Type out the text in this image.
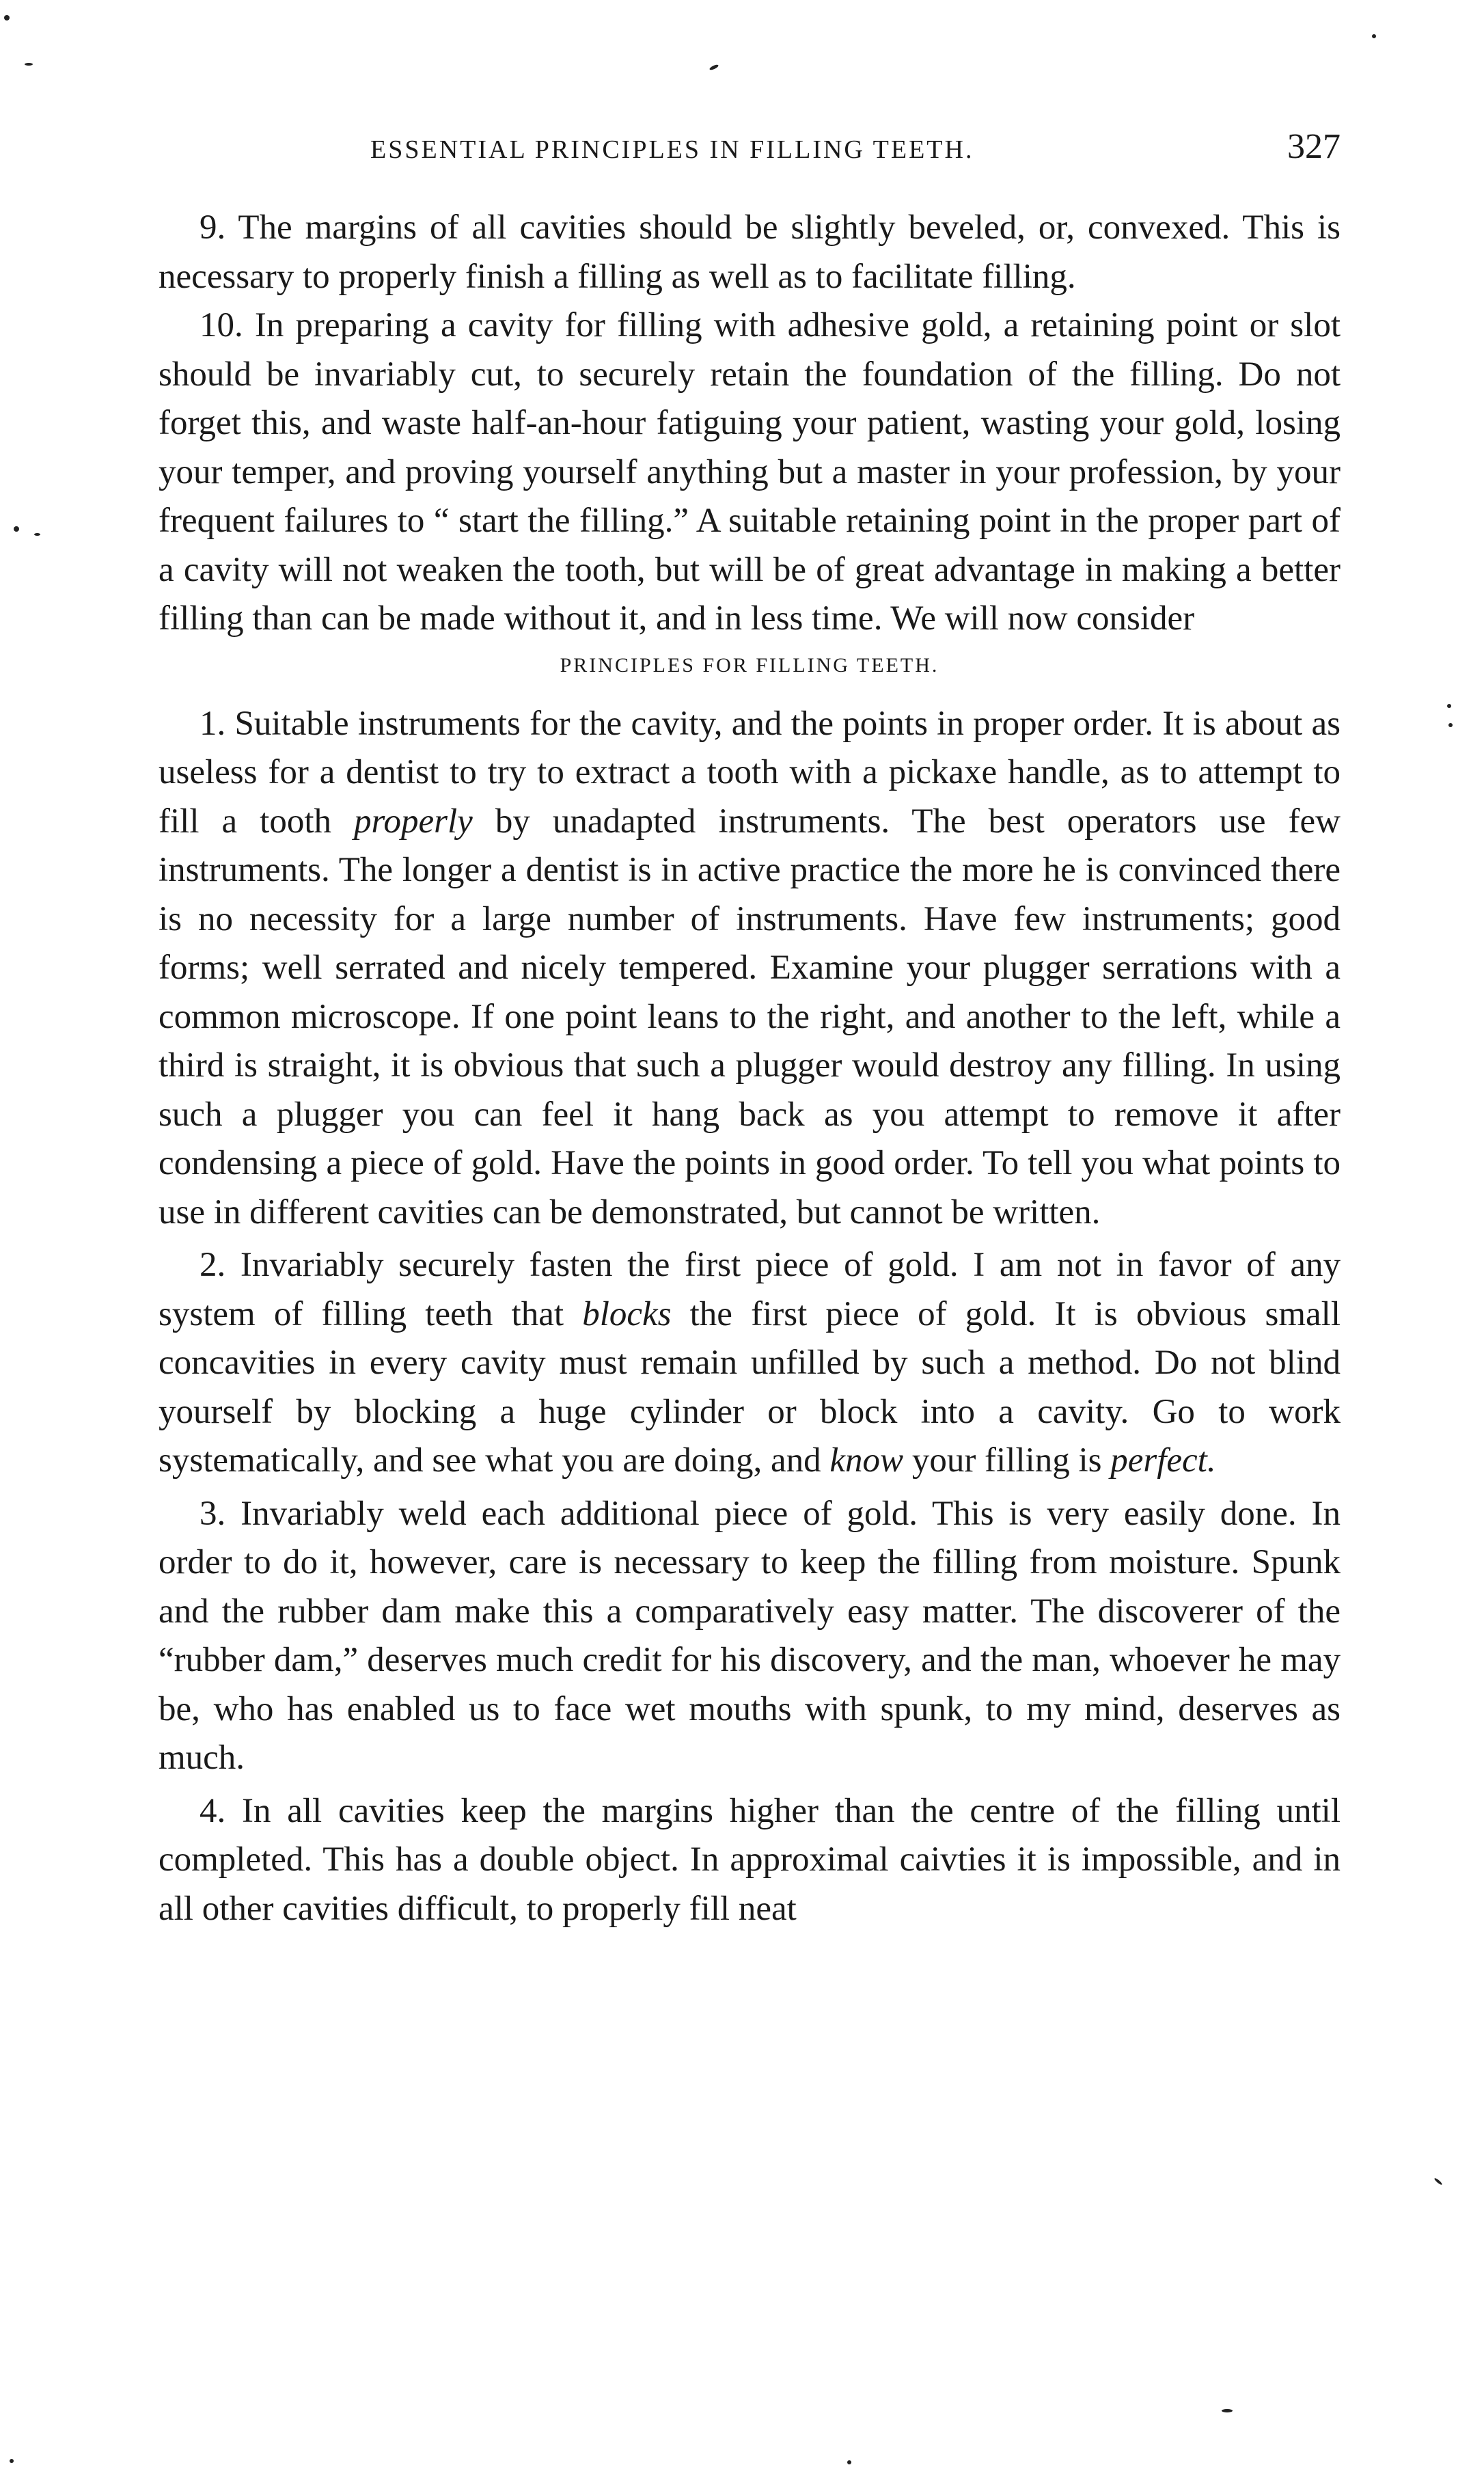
ESSENTIAL PRINCIPLES IN FILLING TEETH.	327

9. The margins of all cavities should be slightly beveled, or, convexed. This is necessary to properly finish a filling as well as to facilitate filling.

10. In preparing a cavity for filling with adhesive gold, a retaining point or slot should be invariably cut, to securely retain the foundation of the filling. Do not forget this, and waste half-an-hour fatiguing your patient, wasting your gold, losing your temper, and proving yourself anything but a master in your profession, by your frequent failures to “ start the filling.” A suitable retaining point in the proper part of a cavity will not weaken the tooth, but will be of great advantage in making a better filling than can be made without it, and in less time. We will now consider

PRINCIPLES FOR FILLING TEETH.

1. Suitable instruments for the cavity, and the points in proper order. It is about as useless for a dentist to try to extract a tooth with a pickaxe handle, as to attempt to fill a tooth properly by unadapted instruments. The best operators use few instruments. The longer a dentist is in active practice the more he is convinced there is no necessity for a large number of instruments. Have few instruments; good forms; well serrated and nicely tempered. Examine your plugger serrations with a common microscope. If one point leans to the right, and another to the left, while a third is straight, it is obvious that such a plugger would destroy any filling. In using such a plugger you can feel it hang back as you attempt to remove it after condensing a piece of gold. Have the points in good order. To tell you what points to use in different cavities can be demonstrated, but cannot be written.

2. Invariably securely fasten the first piece of gold. I am not in favor of any system of filling teeth that blocks the first piece of gold. It is obvious small concavities in every cavity must remain unfilled by such a method. Do not blind yourself by blocking a huge cylinder or block into a cavity. Go to work systematically, and see what you are doing, and know your filling is perfect.

3. Invariably weld each additional piece of gold. This is very easily done. In order to do it, however, care is necessary to keep the filling from moisture. Spunk and the rubber dam make this a comparatively easy matter. The discoverer of the “rubber dam,” deserves much credit for his discovery, and the man, whoever he may be, who has enabled us to face wet mouths with spunk, to my mind, deserves as much.

4. In all cavities keep the margins higher than the centre of the filling until completed. This has a double object. In approximal caivties it is impossible, and in all other cavities difficult, to properly fill neat
